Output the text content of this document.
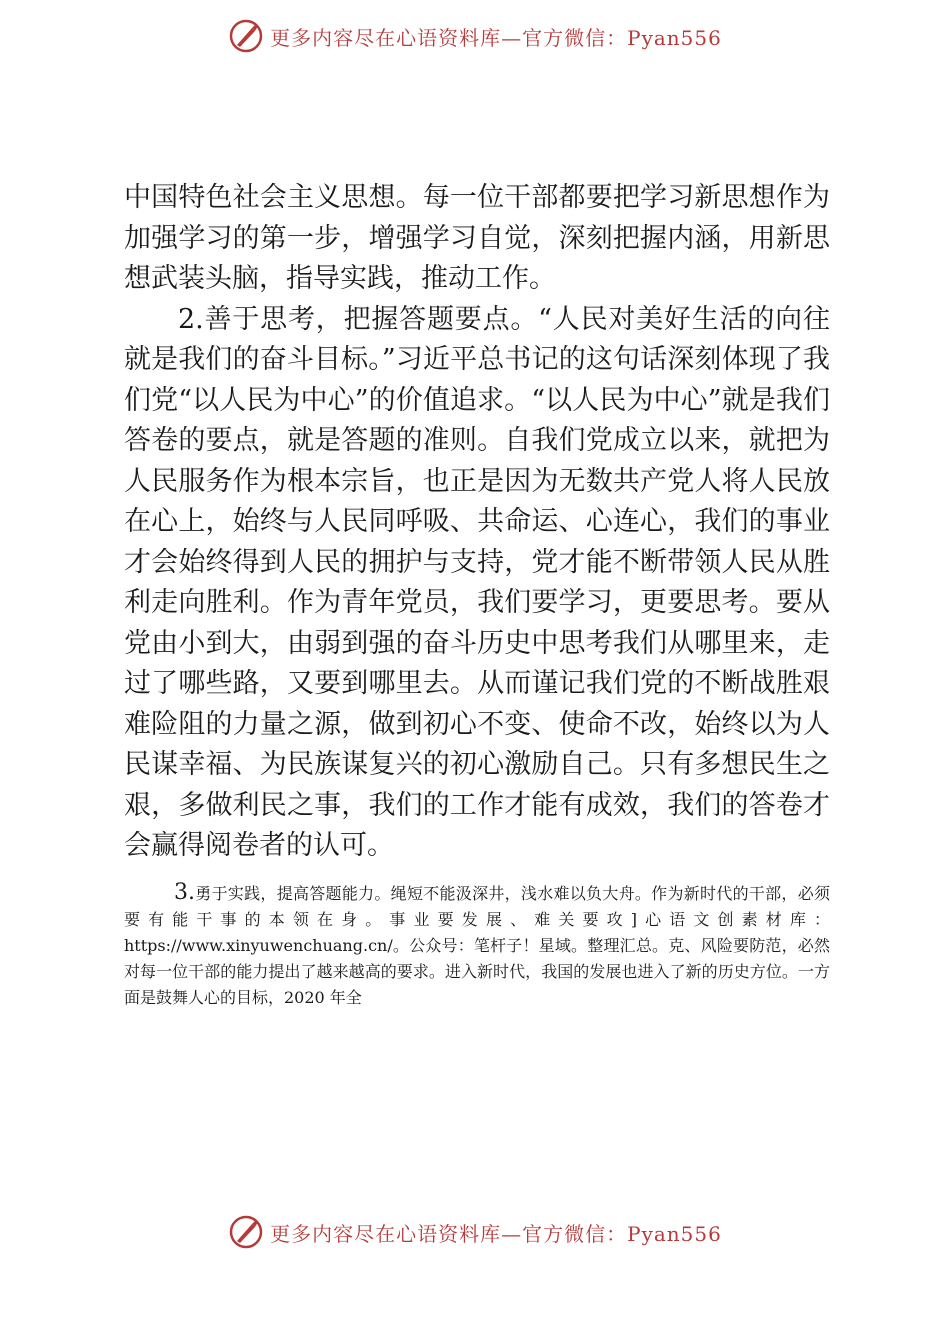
更多内容尽在心语资料库—官方微信：Pyan556

中国特色社会主义思想。每一位干部都要把学习新思想作为加强学习的第一步，增强学习自觉，深刻把握内涵，用新思想武装头脑，指导实践，推动工作。

2.善于思考，把握答题要点。“人民对美好生活的向往就是我们的奋斗目标。”习近平总书记的这句话深刻体现了我们党“以人民为中心”的价值追求。“以人民为中心”就是我们答卷的要点，就是答题的准则。自我们党成立以来，就把为人民服务作为根本宗旨，也正是因为无数共产党人将人民放在心上，始终与人民同呼吸、共命运、心连心，我们的事业才会始终得到人民的拥护与支持，党才能不断带领人民从胜利走向胜利。作为青年党员，我们要学习，更要思考。要从党由小到大，由弱到强的奋斗历史中思考我们从哪里来，走过了哪些路，又要到哪里去。从而谨记我们党的不断战胜艰难险阻的力量之源，做到初心不变、使命不改，始终以为人民谋幸福、为民族谋复兴的初心激励自己。只有多想民生之艰，多做利民之事，我们的工作才能有成效，我们的答卷才会赢得阅卷者的认可。

3.勇于实践，提高答题能力。绳短不能汲深井，浅水难以负大舟。作为新时代的干部，必须要有能干事的本领在身。事业要发展、难关要攻]心语文创素材库：https://www.xinyuwenchuang.cn/。公众号：笔杆子！星域。整理汇总。克、风险要防范，必然对每一位干部的能力提出了越来越高的要求。进入新时代，我国的发展也进入了新的历史方位。一方面是鼓舞人心的目标，2020 年全
更多内容尽在心语资料库—官方微信：Pyan556
